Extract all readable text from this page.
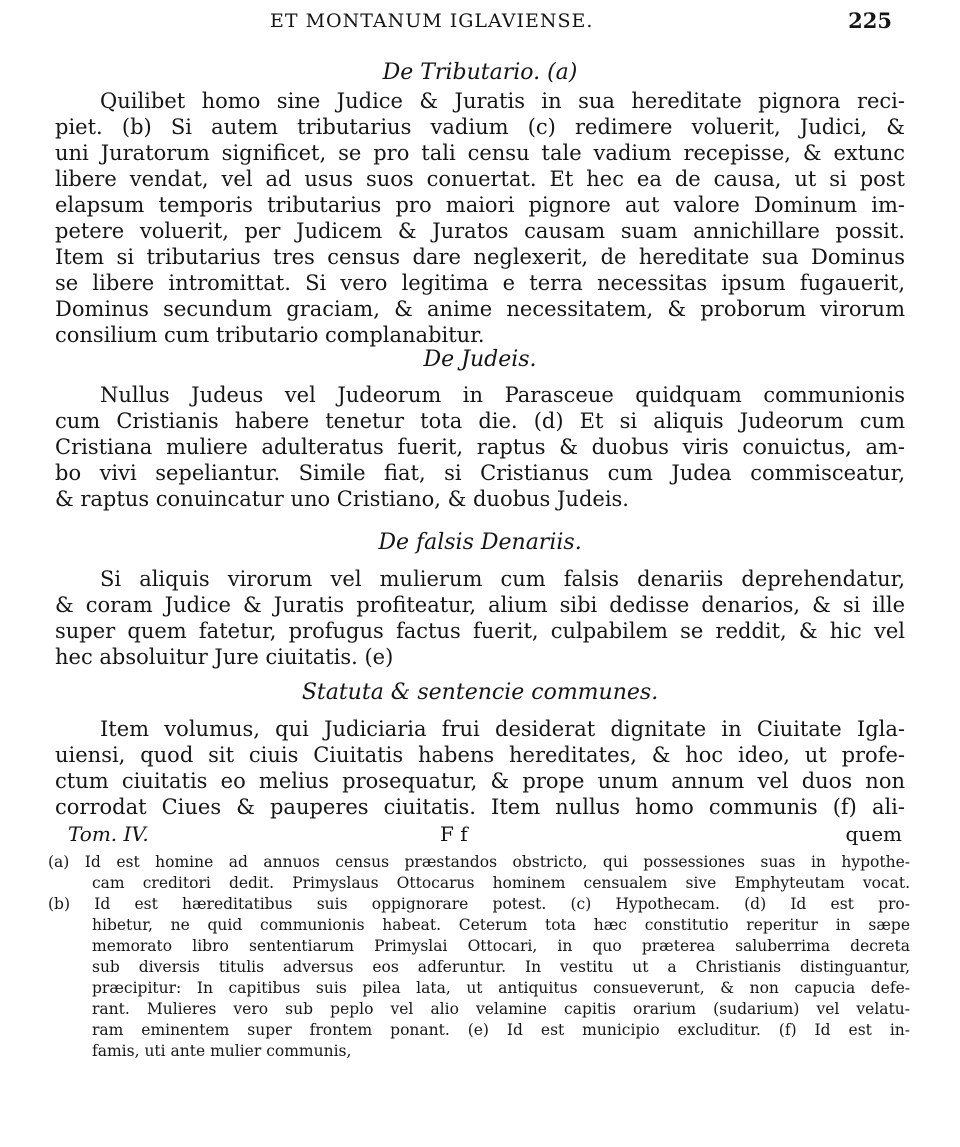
ET MONTANUM IGLAVIENSE.	225
De Tributario. (a)
De Judeis.
De falsis Denariis.
Statuta & sentencie communes.
Quilibet homo sine Judice & Juratis in sua hereditate pignora reci-
piet. (b) Si autem tributarius vadium (c) redimere voluerit, Judici, &
uni Juratorum significet, se pro tali censu tale vadium recepisse, & extunc
libere vendat, vel ad usus suos conuertat. Et hec ea de causa, ut si post
elapsum temporis tributarius pro maiori pignore aut valore Dominum im-
petere voluerit, per Judicem & Juratos causam suam annichillare possit.
Item si tributarius tres census dare neglexerit, de hereditate sua Dominus
se libere intromittat. Si vero legitima e terra necessitas ipsum fugauerit,
Dominus secundum graciam, & anime necessitatem, & proborum virorum
consilium cum tributario complanabitur.
Nullus Judeus vel Judeorum in Parasceue quidquam communionis
cum Cristianis habere tenetur tota die. (d) Et si aliquis Judeorum cum
Cristiana muliere adulteratus fuerit, raptus & duobus viris conuictus, am-
bo vivi sepeliantur. Simile fiat, si Cristianus cum Judea commisceatur,
& raptus conuincatur uno Cristiano, & duobus Judeis.
Si aliquis virorum vel mulierum cum falsis denariis deprehendatur,
& coram Judice & Juratis profiteatur, alium sibi dedisse denarios, & si ille
super quem fatetur, profugus factus fuerit, culpabilem se reddit, & hic vel
hec absoluitur Jure ciuitatis. (e)
Item volumus, qui Judiciaria frui desiderat dignitate in Ciuitate Igla-
uiensi, quod sit ciuis Ciuitatis habens hereditates, & hoc ideo, ut profe-
ctum ciuitatis eo melius prosequatur, & prope unum annum vel duos non
corrodat Ciues & pauperes ciuitatis. Item nullus homo communis (f) ali-
Tom. IV.	F f	quem
(a) Id est homine ad annuos census præstandos obstricto, qui possessiones suas in hypothe-
cam creditori dedit. Primyslaus Ottocarus hominem censualem sive Emphyteutam vocat.
(b) Id est hæreditatibus suis oppignorare potest. (c) Hypothecam. (d) Id est pro-
hibetur, ne quid communionis habeat. Ceterum tota hæc constitutio reperitur in sæpe
memorato libro sententiarum Primyslai Ottocari, in quo præterea saluberrima decreta
sub diversis titulis adversus eos adferuntur. In vestitu ut a Christianis distinguantur,
præcipitur: In capitibus suis pilea lata, ut antiquitus consueverunt, & non capucia defe-
rant. Mulieres vero sub peplo vel alio velamine capitis orarium (sudarium) vel velatu-
ram eminentem super frontem ponant. (e) Id est municipio excluditur. (f) Id est in-
famis, uti ante mulier communis,
